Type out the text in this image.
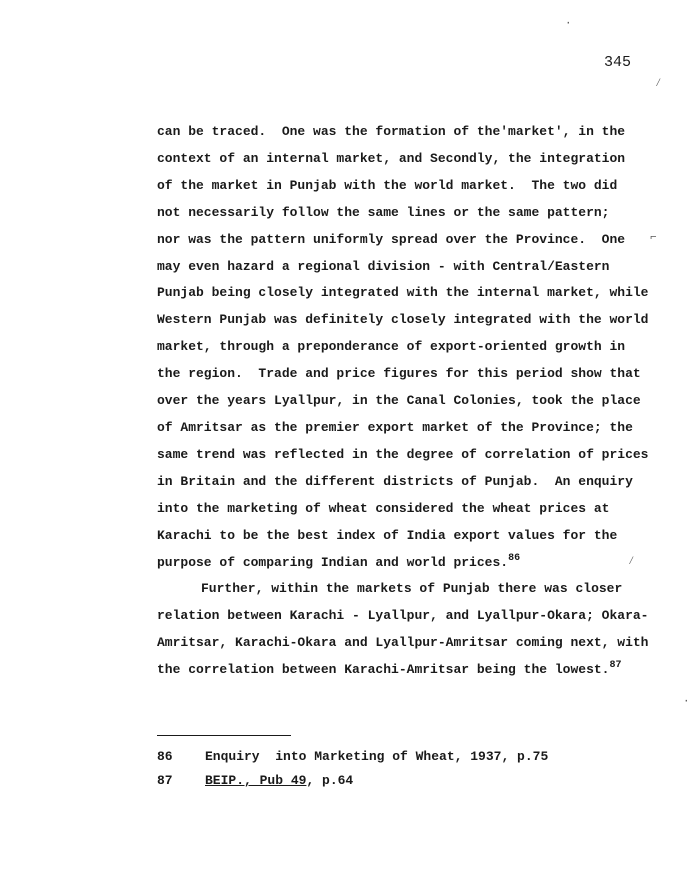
345
can be traced.  One was the formation of the'market', in the
context of an internal market, and Secondly, the integration
of the market in Punjab with the world market.  The two did
not necessarily follow the same lines or the same pattern;
nor was the pattern uniformly spread over the Province.  One
may even hazard a regional division - with Central/Eastern
Punjab being closely integrated with the internal market, while
Western Punjab was definitely closely integrated with the world
market, through a preponderance of export-oriented growth in
the region.  Trade and price figures for this period show that
over the years Lyallpur, in the Canal Colonies, took the place
of Amritsar as the premier export market of the Province; the
same trend was reflected in the degree of correlation of prices
in Britain and the different districts of Punjab.  An enquiry
into the marketing of wheat considered the wheat prices at
Karachi to be the best index of India export values for the
purpose of comparing Indian and world prices.$^{86}$
Further, within the markets of Punjab there was closer
relation between Karachi - Lyallpur, and Lyallpur-Okara; Okara-
Amritsar, Karachi-Okara and Lyallpur-Amritsar coming next, with
the correlation between Karachi-Amritsar being the lowest.$^{87}$
86 Enquiry  into Marketing of Wheat, 1937, p.75
87 BEIP., Pub 49, p.64
·
⁄
⌐
⁄
·
